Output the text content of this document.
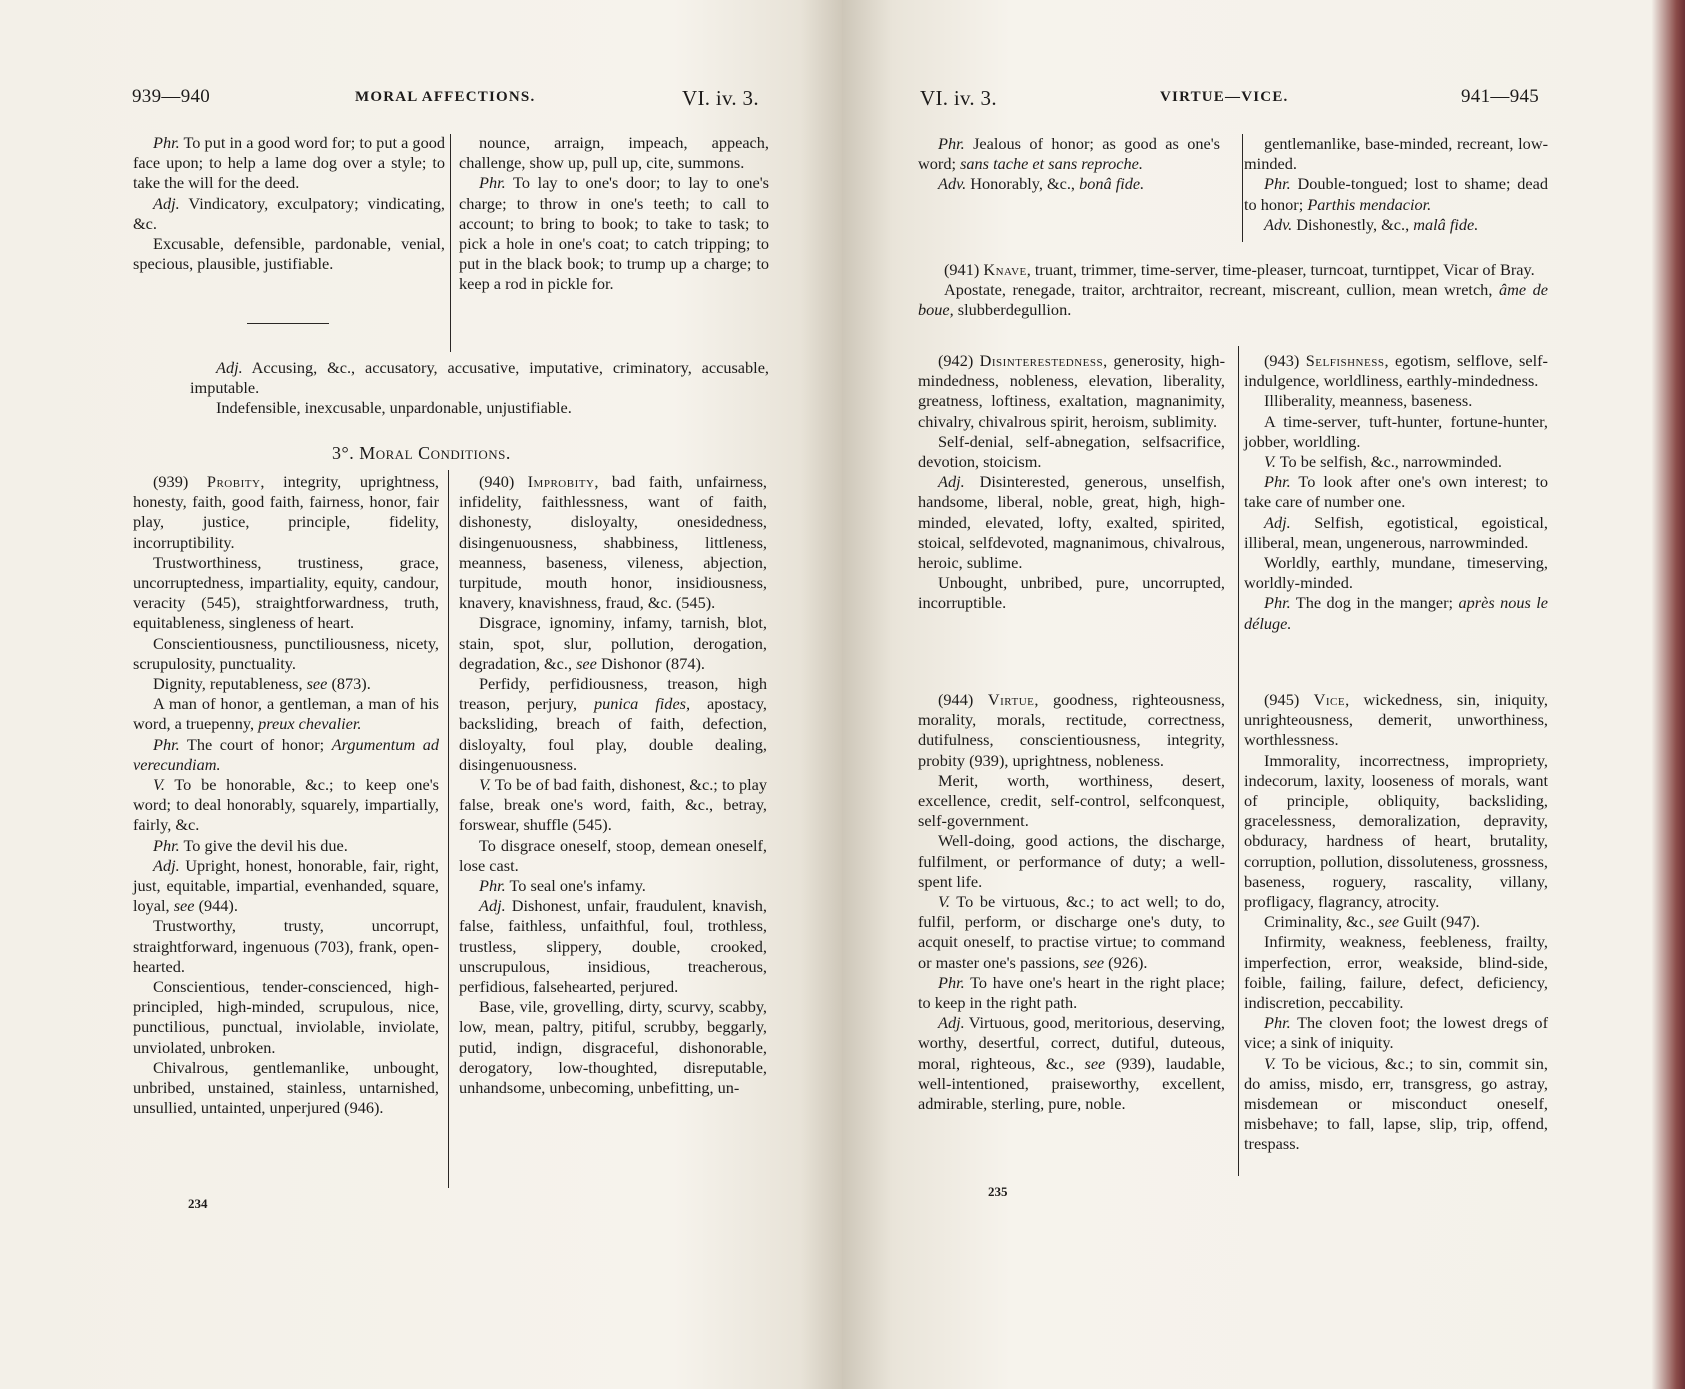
939—940	MORAL AFFECTIONS.	VI. iv. 3.

Phr. To put in a good word for; to put a good face upon; to help a lame dog over a style; to take the will for the deed.

Adj. Vindicatory, exculpatory; vindicating, &c.

Excusable, defensible, pardonable, venial, specious, plausible, justifiable.

nounce, arraign, impeach, appeach, challenge, show up, pull up, cite, summons.

Phr. To lay to one's door; to lay to one's charge; to throw in one's teeth; to call to account; to bring to book; to take to task; to pick a hole in one's coat; to catch tripping; to put in the black book; to trump up a charge; to keep a rod in pickle for.

Adj. Accusing, &c., accusatory, accusative, imputative, criminatory, accusable, imputable.

Indefensible, inexcusable, unpardonable, unjustifiable.

3°. Moral Conditions.

(939) Probity, integrity, uprightness, honesty, faith, good faith, fairness, honor, fair play, justice, principle, fidelity, incorruptibility.

Trustworthiness, trustiness, grace, uncorruptedness, impartiality, equity, candour, veracity (545), straightforwardness, truth, equitableness, singleness of heart.

Conscientiousness, punctiliousness, nicety, scrupulosity, punctuality.

Dignity, reputableness, see (873).

A man of honor, a gentleman, a man of his word, a truepenny, preux chevalier.

Phr. The court of honor; Argumentum ad verecundiam.

V. To be honorable, &c.; to keep one's word; to deal honorably, squarely, impartially, fairly, &c.

Phr. To give the devil his due.

Adj. Upright, honest, honorable, fair, right, just, equitable, impartial, evenhanded, square, loyal, see (944).

Trustworthy, trusty, uncorrupt, straightforward, ingenuous (703), frank, open-hearted.

Conscientious, tender-conscienced, high-principled, high-minded, scrupulous, nice, punctilious, punctual, inviolable, inviolate, unviolated, unbroken.

Chivalrous, gentlemanlike, unbought, unbribed, unstained, stainless, untarnished, unsullied, untainted, unperjured (946).

(940) Improbity, bad faith, unfairness, infidelity, faithlessness, want of faith, dishonesty, disloyalty, onesidedness, disingenuousness, shabbiness, littleness, meanness, baseness, vileness, abjection, turpitude, mouth honor, insidiousness, knavery, knavishness, fraud, &c. (545).

Disgrace, ignominy, infamy, tarnish, blot, stain, spot, slur, pollution, derogation, degradation, &c., see Dishonor (874).

Perfidy, perfidiousness, treason, high treason, perjury, punica fides, apostacy, backsliding, breach of faith, defection, disloyalty, foul play, double dealing, disingenuousness.

V. To be of bad faith, dishonest, &c.; to play false, break one's word, faith, &c., betray, forswear, shuffle (545).

To disgrace oneself, stoop, demean oneself, lose cast.

Phr. To seal one's infamy.

Adj. Dishonest, unfair, fraudulent, knavish, false, faithless, unfaithful, foul, trothless, trustless, slippery, double, crooked, unscrupulous, insidious, treacherous, perfidious, falsehearted, perjured.

Base, vile, grovelling, dirty, scurvy, scabby, low, mean, paltry, pitiful, scrubby, beggarly, putid, indign, disgraceful, dishonorable, derogatory, low-thoughted, disreputable, unhandsome, unbecoming, unbefitting, un-

234
VI. iv. 3.	VIRTUE—VICE.	941—945

Phr. Jealous of honor; as good as one's word; sans tache et sans reproche.

Adv. Honorably, &c., bonâ fide.

gentlemanlike, base-minded, recreant, low-minded.

Phr. Double-tongued; lost to shame; dead to honor; Parthis mendacior.

Adv. Dishonestly, &c., malâ fide.

(941) Knave, truant, trimmer, time-server, time-pleaser, turncoat, turntippet, Vicar of Bray.

Apostate, renegade, traitor, archtraitor, recreant, miscreant, cullion, mean wretch, âme de boue, slubberdegullion.

(942) Disinterestedness, generosity, high-mindedness, nobleness, elevation, liberality, greatness, loftiness, exaltation, magnanimity, chivalry, chivalrous spirit, heroism, sublimity.

Self-denial, self-abnegation, selfsacrifice, devotion, stoicism.

Adj. Disinterested, generous, unselfish, handsome, liberal, noble, great, high, high-minded, elevated, lofty, exalted, spirited, stoical, selfdevoted, magnanimous, chivalrous, heroic, sublime.

Unbought, unbribed, pure, uncorrupted, incorruptible.

(943) Selfishness, egotism, selflove, self-indulgence, worldliness, earthly-mindedness.

Illiberality, meanness, baseness.

A time-server, tuft-hunter, fortune-hunter, jobber, worldling.

V. To be selfish, &c., narrowminded.

Phr. To look after one's own interest; to take care of number one.

Adj. Selfish, egotistical, egoistical, illiberal, mean, ungenerous, narrowminded.

Worldly, earthly, mundane, timeserving, worldly-minded.

Phr. The dog in the manger; après nous le déluge.

(944) Virtue, goodness, righteousness, morality, morals, rectitude, correctness, dutifulness, conscientiousness, integrity, probity (939), uprightness, nobleness.

Merit, worth, worthiness, desert, excellence, credit, self-control, selfconquest, self-government.

Well-doing, good actions, the discharge, fulfilment, or performance of duty; a well-spent life.

V. To be virtuous, &c.; to act well; to do, fulfil, perform, or discharge one's duty, to acquit oneself, to practise virtue; to command or master one's passions, see (926).

Phr. To have one's heart in the right place; to keep in the right path.

Adj. Virtuous, good, meritorious, deserving, worthy, desertful, correct, dutiful, duteous, moral, righteous, &c., see (939), laudable, well-intentioned, praiseworthy, excellent, admirable, sterling, pure, noble.

(945) Vice, wickedness, sin, iniquity, unrighteousness, demerit, unworthiness, worthlessness.

Immorality, incorrectness, impropriety, indecorum, laxity, looseness of morals, want of principle, obliquity, backsliding, gracelessness, demoralization, depravity, obduracy, hardness of heart, brutality, corruption, pollution, dissoluteness, grossness, baseness, roguery, rascality, villany, profligacy, flagrancy, atrocity.

Criminality, &c., see Guilt (947).

Infirmity, weakness, feebleness, frailty, imperfection, error, weakside, blind-side, foible, failing, failure, defect, deficiency, indiscretion, peccability.

Phr. The cloven foot; the lowest dregs of vice; a sink of iniquity.

V. To be vicious, &c.; to sin, commit sin, do amiss, misdo, err, transgress, go astray, misdemean or misconduct oneself, misbehave; to fall, lapse, slip, trip, offend, trespass.

235
